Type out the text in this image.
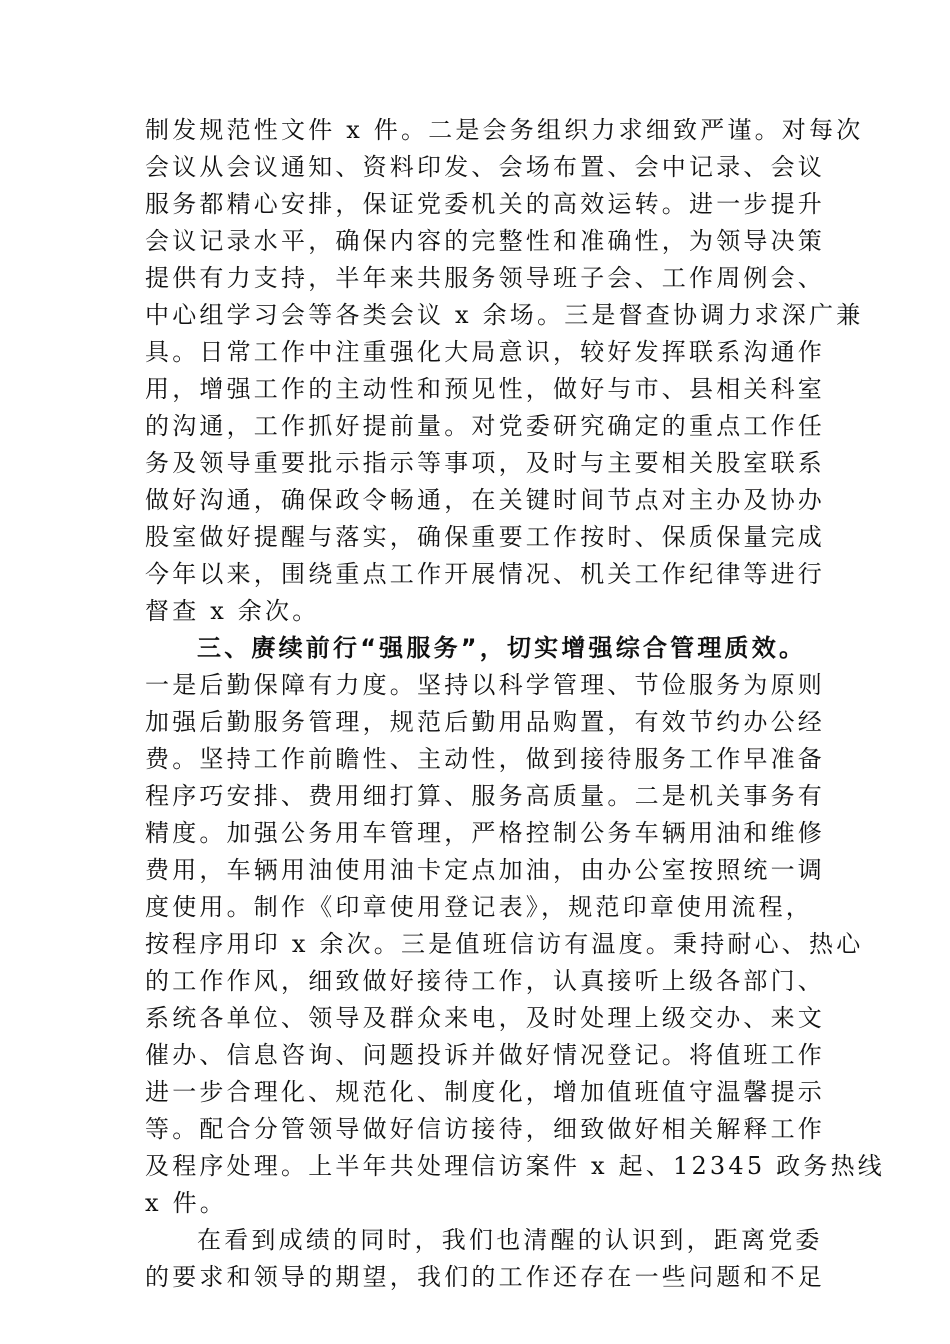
制发规范性文件 x 件。二是会务组织力求细致严谨。对每次
会议从会议通知、资料印发、会场布置、会中记录、会议
服务都精心安排，保证党委机关的高效运转。进一步提升
会议记录水平，确保内容的完整性和准确性，为领导决策
提供有力支持，半年来共服务领导班子会、工作周例会、
中心组学习会等各类会议 x 余场。三是督查协调力求深广兼
具。日常工作中注重强化大局意识，较好发挥联系沟通作
用，增强工作的主动性和预见性，做好与市、县相关科室
的沟通，工作抓好提前量。对党委研究确定的重点工作任
务及领导重要批示指示等事项，及时与主要相关股室联系
做好沟通，确保政令畅通，在关键时间节点对主办及协办
股室做好提醒与落实，确保重要工作按时、保质保量完成
今年以来，围绕重点工作开展情况、机关工作纪律等进行
督查 x 余次。
三、赓续前行“强服务”，切实增强综合管理质效。
一是后勤保障有力度。坚持以科学管理、节俭服务为原则
加强后勤服务管理，规范后勤用品购置，有效节约办公经
费。坚持工作前瞻性、主动性，做到接待服务工作早准备
程序巧安排、费用细打算、服务高质量。二是机关事务有
精度。加强公务用车管理，严格控制公务车辆用油和维修
费用，车辆用油使用油卡定点加油，由办公室按照统一调
度使用。制作《印章使用登记表》，规范印章使用流程，
按程序用印 x 余次。三是值班信访有温度。秉持耐心、热心
的工作作风，细致做好接待工作，认真接听上级各部门、
系统各单位、领导及群众来电，及时处理上级交办、来文
催办、信息咨询、问题投诉并做好情况登记。将值班工作
进一步合理化、规范化、制度化，增加值班值守温馨提示
等。配合分管领导做好信访接待，细致做好相关解释工作
及程序处理。上半年共处理信访案件 x 起、12345 政务热线
x 件。
在看到成绩的同时，我们也清醒的认识到，距离党委
的要求和领导的期望，我们的工作还存在一些问题和不足
